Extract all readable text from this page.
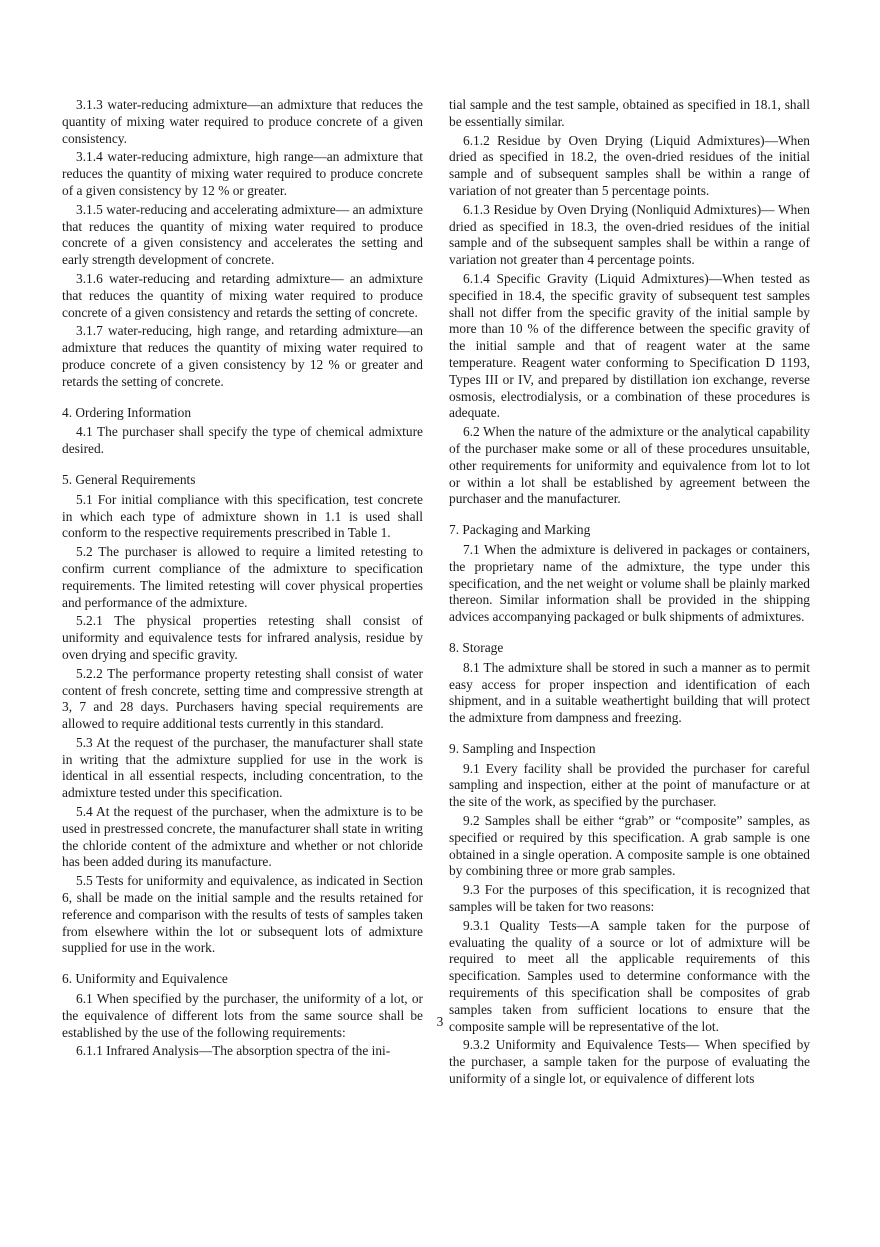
3.1.3 water-reducing admixture—an admixture that reduces the quantity of mixing water required to produce concrete of a given consistency.

3.1.4 water-reducing admixture, high range—an admixture that reduces the quantity of mixing water required to produce concrete of a given consistency by 12 % or greater.

3.1.5 water-reducing and accelerating admixture— an admixture that reduces the quantity of mixing water required to produce concrete of a given consistency and accelerates the setting and early strength development of concrete.

3.1.6 water-reducing and retarding admixture— an admixture that reduces the quantity of mixing water required to produce concrete of a given consistency and retards the setting of concrete.

3.1.7 water-reducing, high range, and retarding admixture—an admixture that reduces the quantity of mixing water required to produce concrete of a given consistency by 12 % or greater and retards the setting of concrete.

4. Ordering Information

4.1 The purchaser shall specify the type of chemical admixture desired.

5. General Requirements

5.1 For initial compliance with this specification, test concrete in which each type of admixture shown in 1.1 is used shall conform to the respective requirements prescribed in Table 1.

5.2 The purchaser is allowed to require a limited retesting to confirm current compliance of the admixture to specification requirements. The limited retesting will cover physical properties and performance of the admixture.

5.2.1 The physical properties retesting shall consist of uniformity and equivalence tests for infrared analysis, residue by oven drying and specific gravity.

5.2.2 The performance property retesting shall consist of water content of fresh concrete, setting time and compressive strength at 3, 7 and 28 days. Purchasers having special requirements are allowed to require additional tests currently in this standard.

5.3 At the request of the purchaser, the manufacturer shall state in writing that the admixture supplied for use in the work is identical in all essential respects, including concentration, to the admixture tested under this specification.

5.4 At the request of the purchaser, when the admixture is to be used in prestressed concrete, the manufacturer shall state in writing the chloride content of the admixture and whether or not chloride has been added during its manufacture.

5.5 Tests for uniformity and equivalence, as indicated in Section 6, shall be made on the initial sample and the results retained for reference and comparison with the results of tests of samples taken from elsewhere within the lot or subsequent lots of admixture supplied for use in the work.

6. Uniformity and Equivalence

6.1 When specified by the purchaser, the uniformity of a lot, or the equivalence of different lots from the same source shall be established by the use of the following requirements:

6.1.1 Infrared Analysis—The absorption spectra of the ini-

tial sample and the test sample, obtained as specified in 18.1, shall be essentially similar.

6.1.2 Residue by Oven Drying (Liquid Admixtures)—When dried as specified in 18.2, the oven-dried residues of the initial sample and of subsequent samples shall be within a range of variation of not greater than 5 percentage points.

6.1.3 Residue by Oven Drying (Nonliquid Admixtures)— When dried as specified in 18.3, the oven-dried residues of the initial sample and of the subsequent samples shall be within a range of variation not greater than 4 percentage points.

6.1.4 Specific Gravity (Liquid Admixtures)—When tested as specified in 18.4, the specific gravity of subsequent test samples shall not differ from the specific gravity of the initial sample by more than 10 % of the difference between the specific gravity of the initial sample and that of reagent water at the same temperature. Reagent water conforming to Specification D 1193, Types III or IV, and prepared by distillation ion exchange, reverse osmosis, electrodialysis, or a combination of these procedures is adequate.

6.2 When the nature of the admixture or the analytical capability of the purchaser make some or all of these procedures unsuitable, other requirements for uniformity and equivalence from lot to lot or within a lot shall be established by agreement between the purchaser and the manufacturer.

7. Packaging and Marking

7.1 When the admixture is delivered in packages or containers, the proprietary name of the admixture, the type under this specification, and the net weight or volume shall be plainly marked thereon. Similar information shall be provided in the shipping advices accompanying packaged or bulk shipments of admixtures.

8. Storage

8.1 The admixture shall be stored in such a manner as to permit easy access for proper inspection and identification of each shipment, and in a suitable weathertight building that will protect the admixture from dampness and freezing.

9. Sampling and Inspection

9.1 Every facility shall be provided the purchaser for careful sampling and inspection, either at the point of manufacture or at the site of the work, as specified by the purchaser.

9.2 Samples shall be either “grab” or “composite” samples, as specified or required by this specification. A grab sample is one obtained in a single operation. A composite sample is one obtained by combining three or more grab samples.

9.3 For the purposes of this specification, it is recognized that samples will be taken for two reasons:

9.3.1 Quality Tests—A sample taken for the purpose of evaluating the quality of a source or lot of admixture will be required to meet all the applicable requirements of this specification. Samples used to determine conformance with the requirements of this specification shall be composites of grab samples taken from sufficient locations to ensure that the composite sample will be representative of the lot.

9.3.2 Uniformity and Equivalence Tests— When specified by the purchaser, a sample taken for the purpose of evaluating the uniformity of a single lot, or equivalence of different lots

3
